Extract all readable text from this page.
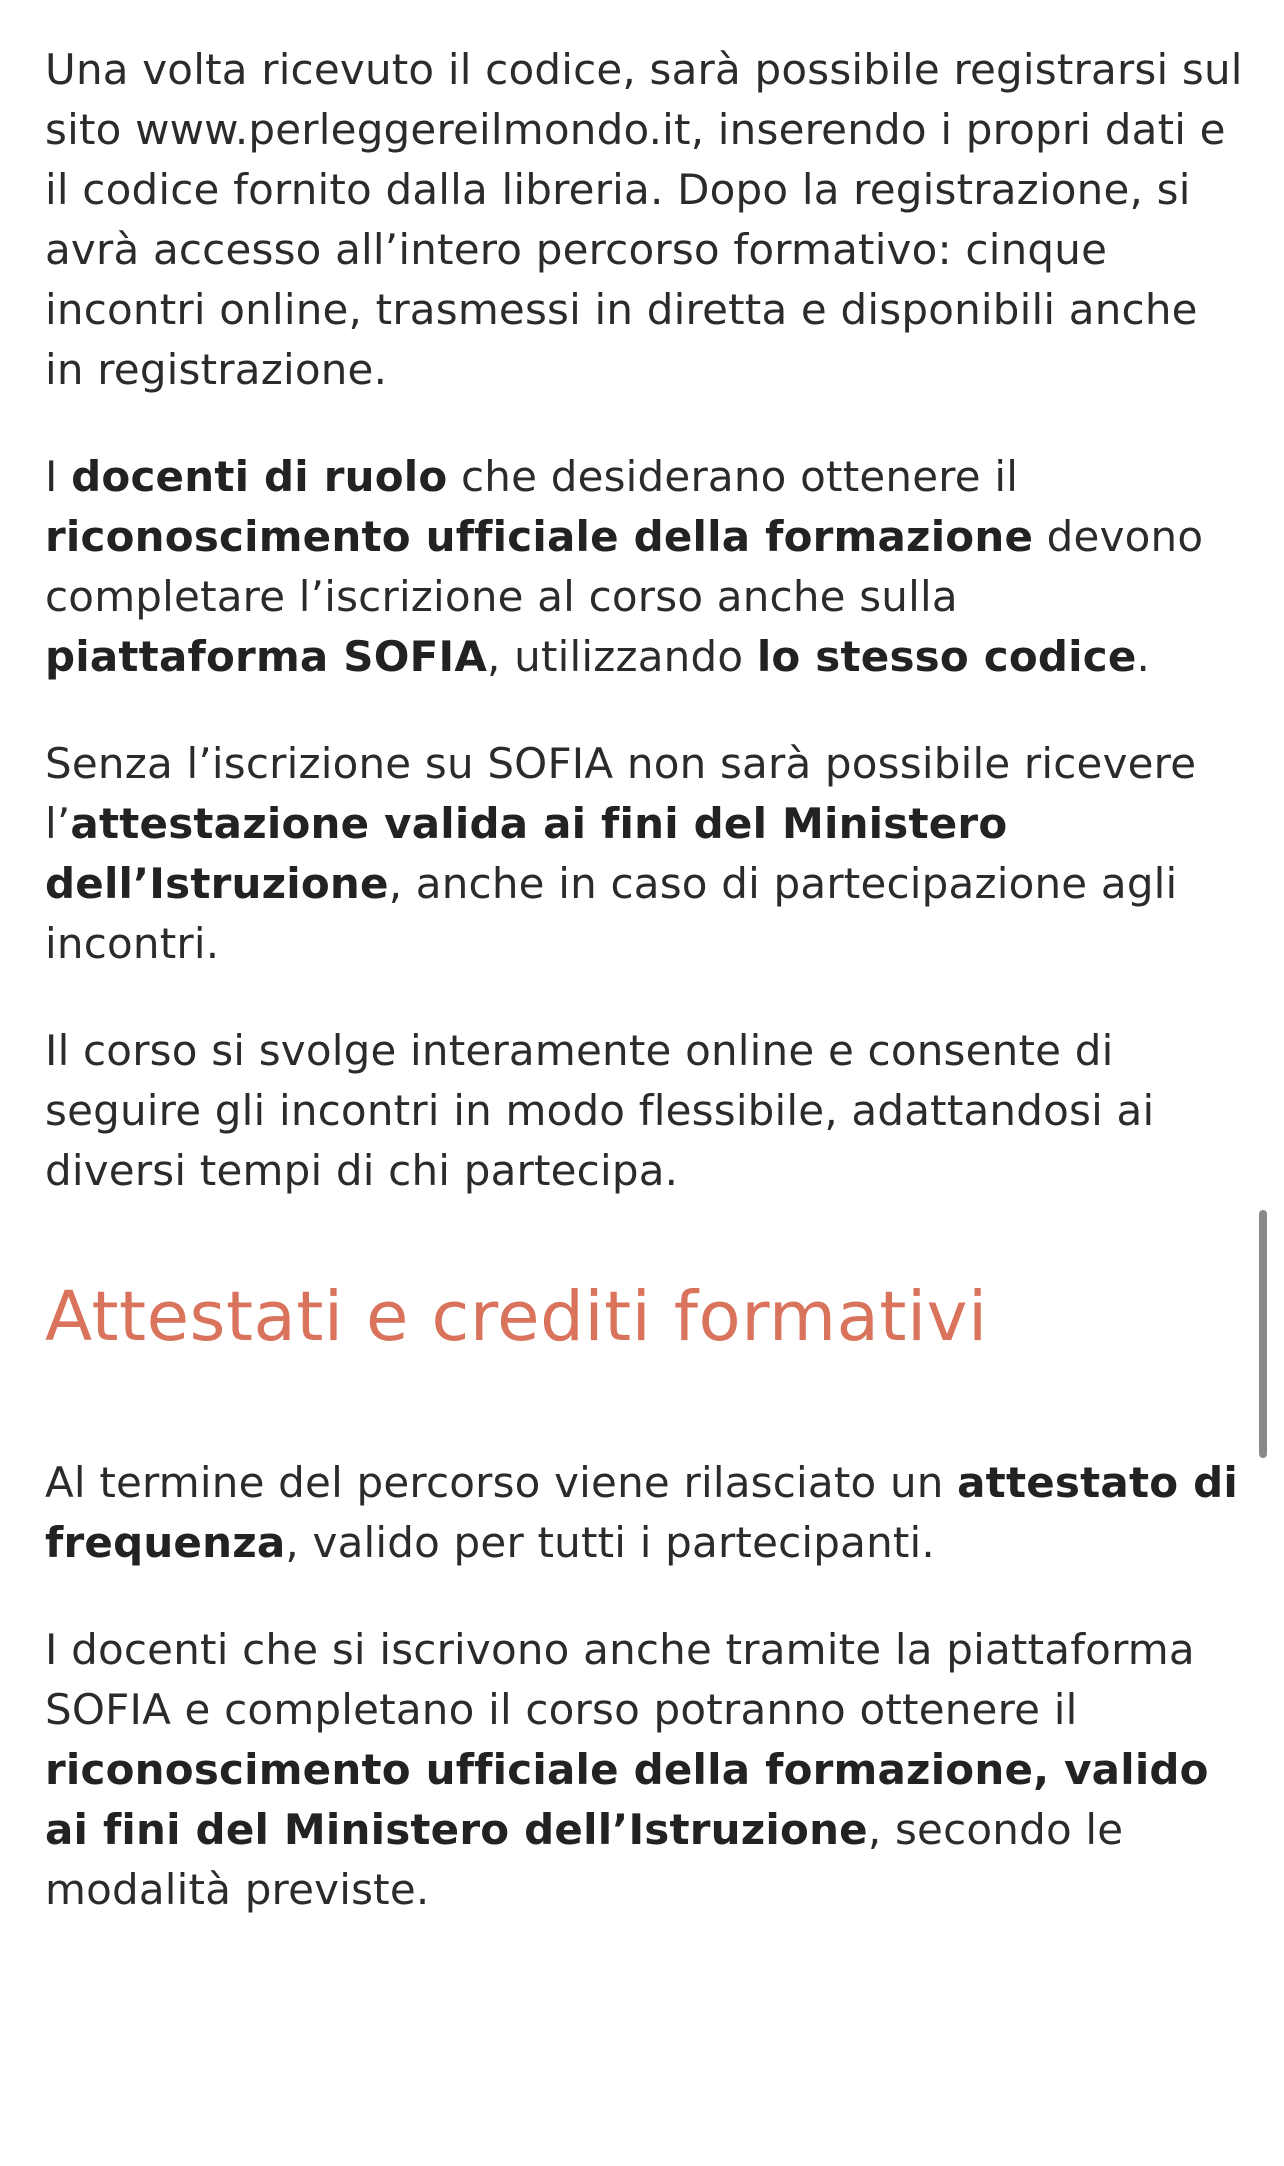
Una volta ricevuto il codice, sarà possibile registrarsi sul sito www.perleggereilmondo.it, inserendo i propri dati e il codice fornito dalla libreria. Dopo la registrazione, si avrà accesso all’intero percorso formativo: cinque incontri online, trasmessi in diretta e disponibili anche in registrazione.

I docenti di ruolo che desiderano ottenere il riconoscimento ufficiale della formazione devono completare l’iscrizione al corso anche sulla piattaforma SOFIA, utilizzando lo stesso codice.

Senza l’iscrizione su SOFIA non sarà possibile ricevere l’attestazione valida ai fini del Ministero dell’Istruzione, anche in caso di partecipazione agli incontri.

Il corso si svolge interamente online e consente di seguire gli incontri in modo flessibile, adattandosi ai diversi tempi di chi partecipa.

Attestati e crediti formativi

Al termine del percorso viene rilasciato un attestato di frequenza, valido per tutti i partecipanti.

I docenti che si iscrivono anche tramite la piattaforma SOFIA e completano il corso potranno ottenere il riconoscimento ufficiale della formazione, valido ai fini del Ministero dell’Istruzione, secondo le modalità previste.
